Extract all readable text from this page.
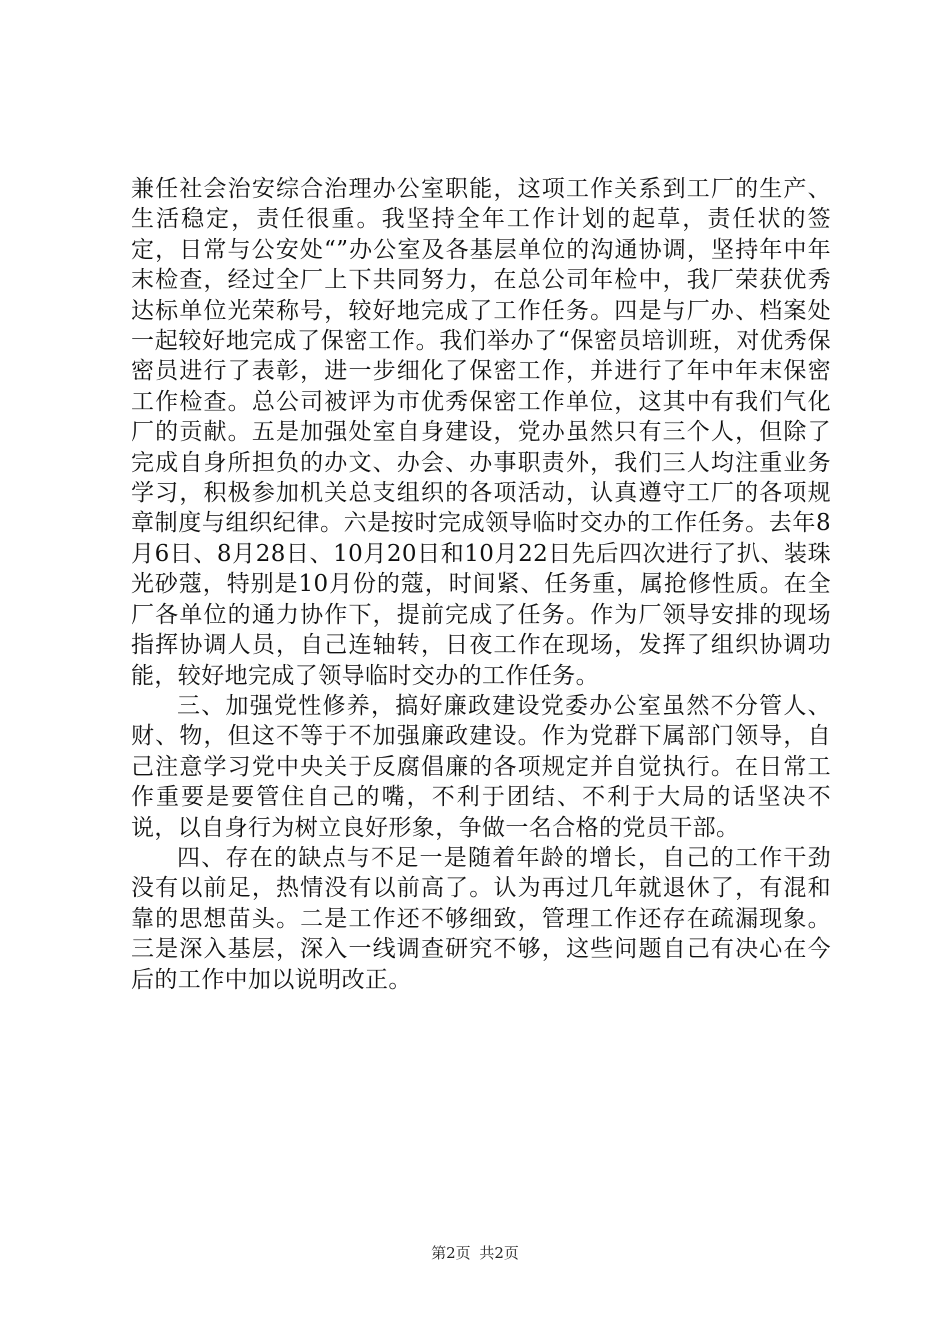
兼任社会治安综合治理办公室职能，这项工作关系到工厂的生产、生活稳定，责任很重。我坚持全年工作计划的起草，责任状的签定，日常与公安处“”办公室及各基层单位的沟通协调，坚持年中年末检查，经过全厂上下共同努力，在总公司年检中，我厂荣获优秀达标单位光荣称号，较好地完成了工作任务。四是与厂办、档案处一起较好地完成了保密工作。我们举办了“保密员培训班，对优秀保密员进行了表彰，进一步细化了保密工作，并进行了年中年末保密工作检查。总公司被评为市优秀保密工作单位，这其中有我们气化厂的贡献。五是加强处室自身建设，党办虽然只有三个人，但除了完成自身所担负的办文、办会、办事职责外，我们三人均注重业务学习，积极参加机关总支组织的各项活动，认真遵守工厂的各项规章制度与组织纪律。六是按时完成领导临时交办的工作任务。去年8月6日、8月28日、10月20日和10月22日先后四次进行了扒、装珠光砂蔻，特别是10月份的蔻，时间紧、任务重，属抢修性质。在全厂各单位的通力协作下，提前完成了任务。作为厂领导安排的现场指挥协调人员，自己连轴转，日夜工作在现场，发挥了组织协调功能，较好地完成了领导临时交办的工作任务。

三、加强党性修养，搞好廉政建设党委办公室虽然不分管人、财、物，但这不等于不加强廉政建设。作为党群下属部门领导，自己注意学习党中央关于反腐倡廉的各项规定并自觉执行。在日常工作重要是要管住自己的嘴，不利于团结、不利于大局的话坚决不说，以自身行为树立良好形象，争做一名合格的党员干部。

四、存在的缺点与不足一是随着年龄的增长，自己的工作干劲没有以前足，热情没有以前高了。认为再过几年就退休了，有混和靠的思想苗头。二是工作还不够细致，管理工作还存在疏漏现象。三是深入基层，深入一线调查研究不够，这些问题自己有决心在今后的工作中加以说明改正。

第2页 共2页
